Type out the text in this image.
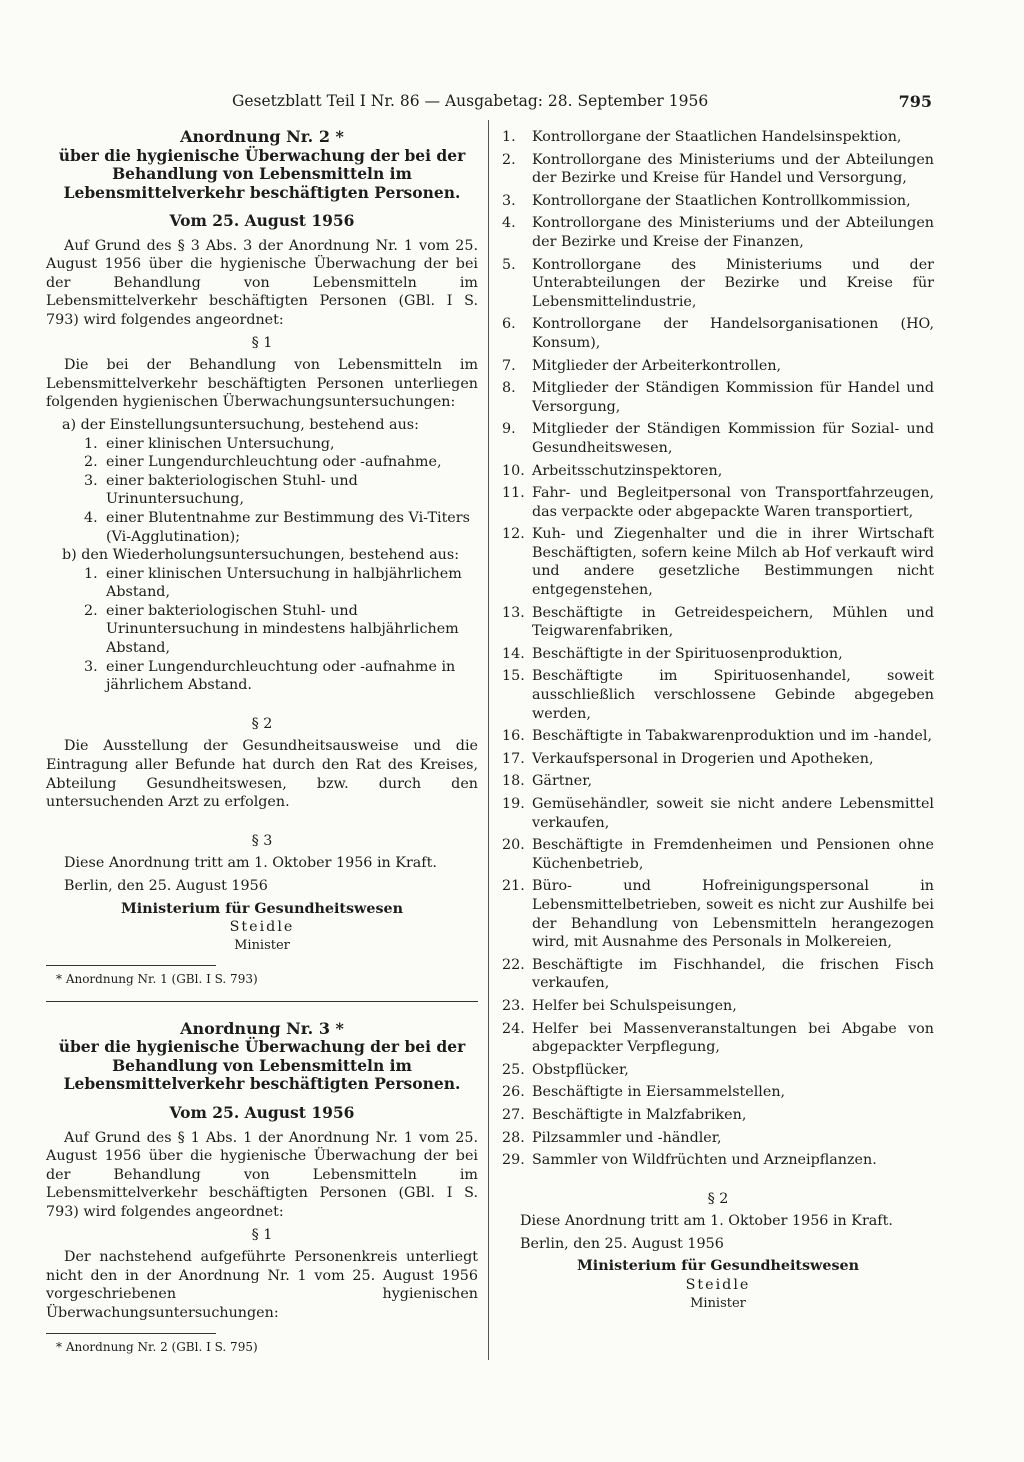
Gesetzblatt Teil I Nr. 86 — Ausgabetag: 28. September 1956	795
Anordnung Nr. 2 *
über die hygienische Überwachung der bei der Behandlung von Lebensmitteln im Lebensmittelverkehr beschäftigten Personen.
Vom 25. August 1956
Auf Grund des § 3 Abs. 3 der Anordnung Nr. 1 vom 25. August 1956 über die hygienische Überwachung der bei der Behandlung von Lebensmitteln im Lebensmittelverkehr beschäftigten Personen (GBl. I S. 793) wird folgendes angeordnet:
§ 1
Die bei der Behandlung von Lebensmitteln im Lebensmittelverkehr beschäftigten Personen unterliegen folgenden hygienischen Überwachungsuntersuchungen:
a) der Einstellungsuntersuchung, bestehend aus:
1. einer klinischen Untersuchung,
2. einer Lungendurchleuchtung oder -aufnahme,
3. einer bakteriologischen Stuhl- und Urinuntersuchung,
4. einer Blutentnahme zur Bestimmung des Vi-Titers (Vi-Agglutination);
b) den Wiederholungsuntersuchungen, bestehend aus:
1. einer klinischen Untersuchung in halbjährlichem Abstand,
2. einer bakteriologischen Stuhl- und Urinuntersuchung in mindestens halbjährlichem Abstand,
3. einer Lungendurchleuchtung oder -aufnahme in jährlichem Abstand.
§ 2
Die Ausstellung der Gesundheitsausweise und die Eintragung aller Befunde hat durch den Rat des Kreises, Abteilung Gesundheitswesen, bzw. durch den untersuchenden Arzt zu erfolgen.
§ 3
Diese Anordnung tritt am 1. Oktober 1956 in Kraft.
Berlin, den 25. August 1956
Ministerium für Gesundheitswesen
Steidle
Minister
* Anordnung Nr. 1 (GBl. I S. 793)
Anordnung Nr. 3 *
über die hygienische Überwachung der bei der Behandlung von Lebensmitteln im Lebensmittelverkehr beschäftigten Personen.
Vom 25. August 1956
Auf Grund des § 1 Abs. 1 der Anordnung Nr. 1 vom 25. August 1956 über die hygienische Überwachung der bei der Behandlung von Lebensmitteln im Lebensmittelverkehr beschäftigten Personen (GBl. I S. 793) wird folgendes angeordnet:
§ 1
Der nachstehend aufgeführte Personenkreis unterliegt nicht den in der Anordnung Nr. 1 vom 25. August 1956 vorgeschriebenen hygienischen Überwachungsuntersuchungen:
* Anordnung Nr. 2 (GBl. I S. 795)
1.	Kontrollorgane der Staatlichen Handelsinspektion,
2.	Kontrollorgane des Ministeriums und der Abteilungen der Bezirke und Kreise für Handel und Versorgung,
3.	Kontrollorgane der Staatlichen Kontrollkommission,
4.	Kontrollorgane des Ministeriums und der Abteilungen der Bezirke und Kreise der Finanzen,
5.	Kontrollorgane des Ministeriums und der Unterabteilungen der Bezirke und Kreise für Lebensmittelindustrie,
6.	Kontrollorgane der Handelsorganisationen (HO, Konsum),
7.	Mitglieder der Arbeiterkontrollen,
8.	Mitglieder der Ständigen Kommission für Handel und Versorgung,
9.	Mitglieder der Ständigen Kommission für Sozial- und Gesundheitswesen,
10. Arbeitsschutzinspektoren,
11. Fahr- und Begleitpersonal von Transportfahrzeugen, das verpackte oder abgepackte Waren transportiert,
12. Kuh- und Ziegenhalter und die in ihrer Wirtschaft Beschäftigten, sofern keine Milch ab Hof verkauft wird und andere gesetzliche Bestimmungen nicht entgegenstehen,
13. Beschäftigte in Getreidespeichern, Mühlen und Teigwarenfabriken,
14. Beschäftigte in der Spirituosenproduktion,
15. Beschäftigte im Spirituosenhandel, soweit ausschließlich verschlossene Gebinde abgegeben werden,
16. Beschäftigte in Tabakwarenproduktion und im -handel,
17. Verkaufspersonal in Drogerien und Apotheken,
18. Gärtner,
19. Gemüsehändler, soweit sie nicht andere Lebensmittel verkaufen,
20. Beschäftigte in Fremdenheimen und Pensionen ohne Küchenbetrieb,
21. Büro- und Hofreinigungspersonal in Lebensmittelbetrieben, soweit es nicht zur Aushilfe bei der Behandlung von Lebensmitteln herangezogen wird, mit Ausnahme des Personals in Molkereien,
22. Beschäftigte im Fischhandel, die frischen Fisch verkaufen,
23. Helfer bei Schulspeisungen,
24. Helfer bei Massenveranstaltungen bei Abgabe von abgepackter Verpflegung,
25. Obstpflücker,
26. Beschäftigte in Eiersammelstellen,
27. Beschäftigte in Malzfabriken,
28. Pilzsammler und -händler,
29. Sammler von Wildfrüchten und Arzneipflanzen.
§ 2
Diese Anordnung tritt am 1. Oktober 1956 in Kraft.
Berlin, den 25. August 1956
Ministerium für Gesundheitswesen
Steidle
Minister
